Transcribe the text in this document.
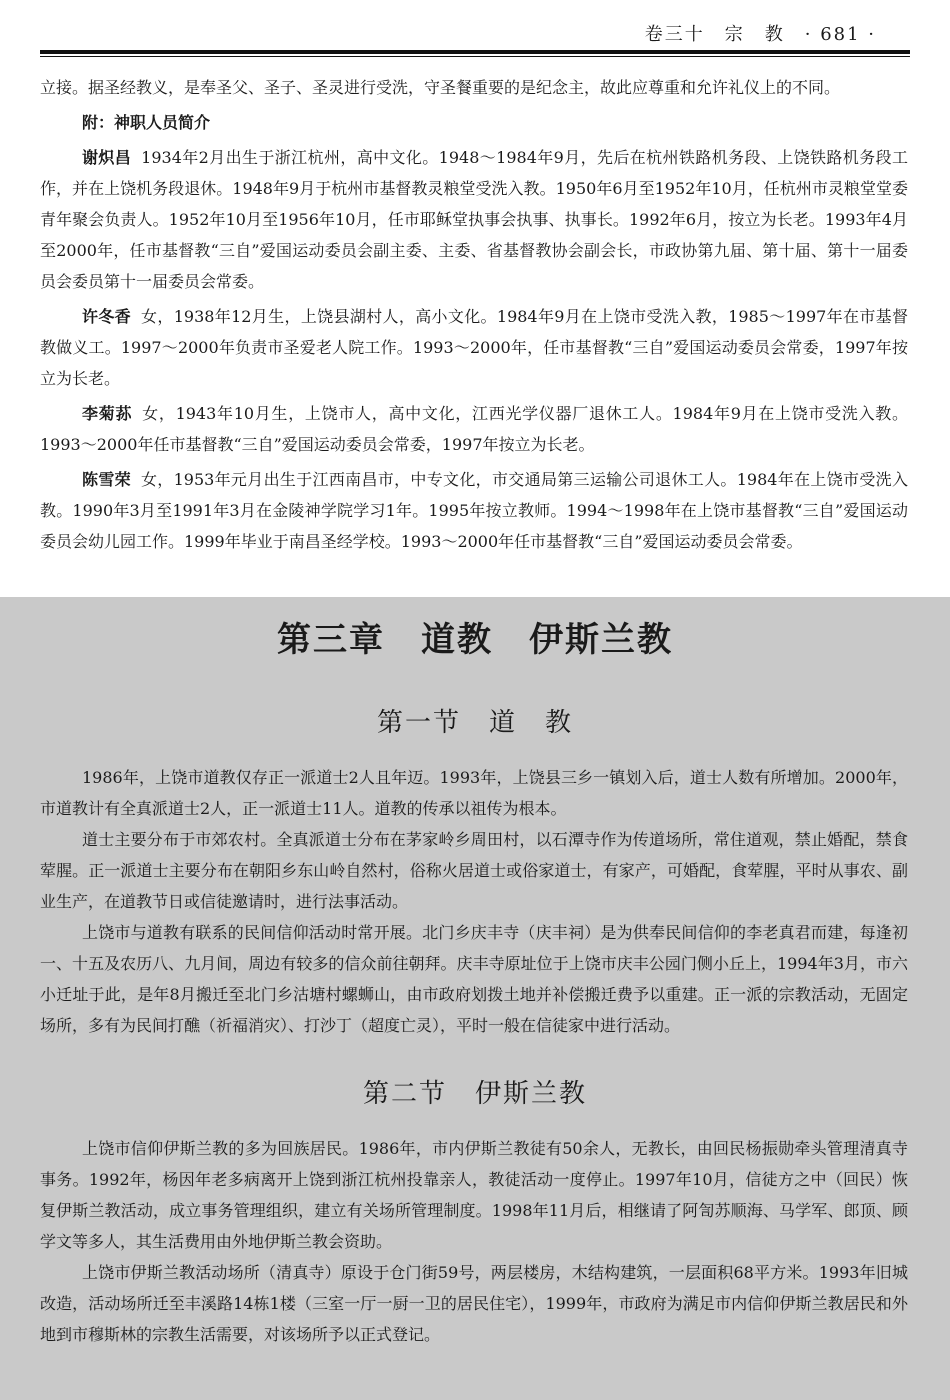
卷三十　宗　教　· 681 ·

立接。据圣经教义，是奉圣父、圣子、圣灵进行受洗，守圣餐重要的是纪念主，故此应尊重和允许礼仪上的不同。

附：神职人员简介

谢炽昌 1934年2月出生于浙江杭州，高中文化。1948～1984年9月，先后在杭州铁路机务段、上饶铁路机务段工作，并在上饶机务段退休。1948年9月于杭州市基督教灵粮堂受洗入教。1950年6月至1952年10月，任杭州市灵粮堂堂委青年聚会负责人。1952年10月至1956年10月，任市耶稣堂执事会执事、执事长。1992年6月，按立为长老。1993年4月至2000年，任市基督教“三自”爱国运动委员会副主委、主委、省基督教协会副会长，市政协第九届、第十届、第十一届委员会委员第十一届委员会常委。

许冬香 女，1938年12月生，上饶县湖村人，高小文化。1984年9月在上饶市受洗入教，1985～1997年在市基督教做义工。1997～2000年负责市圣爱老人院工作。1993～2000年，任市基督教“三自”爱国运动委员会常委，1997年按立为长老。

李菊荪 女，1943年10月生，上饶市人，高中文化，江西光学仪器厂退休工人。1984年9月在上饶市受洗入教。1993～2000年任市基督教“三自”爱国运动委员会常委，1997年按立为长老。

陈雪荣 女，1953年元月出生于江西南昌市，中专文化，市交通局第三运输公司退休工人。1984年在上饶市受洗入教。1990年3月至1991年3月在金陵神学院学习1年。1995年按立教师。1994～1998年在上饶市基督教“三自”爱国运动委员会幼儿园工作。1999年毕业于南昌圣经学校。1993～2000年任市基督教“三自”爱国运动委员会常委。

第三章　道教　伊斯兰教
第一节　道　教

1986年，上饶市道教仅存正一派道士2人且年迈。1993年，上饶县三乡一镇划入后，道士人数有所增加。2000年，市道教计有全真派道士2人，正一派道士11人。道教的传承以祖传为根本。

道士主要分布于市郊农村。全真派道士分布在茅家岭乡周田村，以石潭寺作为传道场所，常住道观，禁止婚配，禁食荤腥。正一派道士主要分布在朝阳乡东山岭自然村，俗称火居道士或俗家道士，有家产，可婚配，食荤腥，平时从事农、副业生产，在道教节日或信徒邀请时，进行法事活动。

上饶市与道教有联系的民间信仰活动时常开展。北门乡庆丰寺（庆丰祠）是为供奉民间信仰的李老真君而建，每逢初一、十五及农历八、九月间，周边有较多的信众前往朝拜。庆丰寺原址位于上饶市庆丰公园门侧小丘上，1994年3月，市六小迁址于此，是年8月搬迁至北门乡沽塘村螺蛳山，由市政府划拨土地并补偿搬迁费予以重建。正一派的宗教活动，无固定场所，多有为民间打醮（祈福消灾）、打沙丁（超度亡灵），平时一般在信徒家中进行活动。

第二节　伊斯兰教

上饶市信仰伊斯兰教的多为回族居民。1986年，市内伊斯兰教徒有50余人，无教长，由回民杨振勋牵头管理清真寺事务。1992年，杨因年老多病离开上饶到浙江杭州投靠亲人，教徒活动一度停止。1997年10月，信徒方之中（回民）恢复伊斯兰教活动，成立事务管理组织，建立有关场所管理制度。1998年11月后，相继请了阿訇苏顺海、马学军、郎顶、顾学文等多人，其生活费用由外地伊斯兰教会资助。

上饶市伊斯兰教活动场所（清真寺）原设于仓门街59号，两层楼房，木结构建筑，一层面积68平方米。1993年旧城改造，活动场所迁至丰溪路14栋1楼（三室一厅一厨一卫的居民住宅），1999年，市政府为满足市内信仰伊斯兰教居民和外地到市穆斯林的宗教生活需要，对该场所予以正式登记。
